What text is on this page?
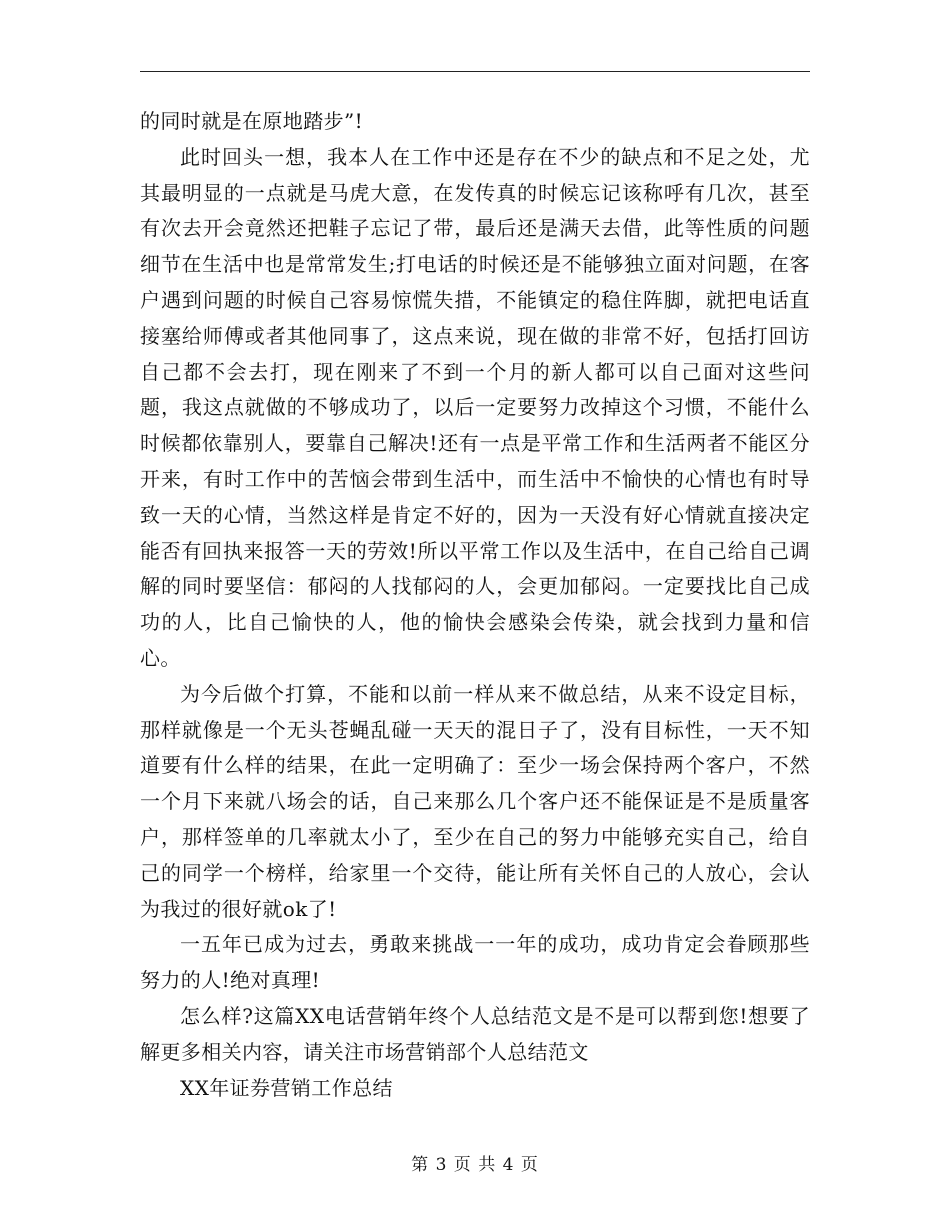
的同时就是在原地踏步”!

此时回头一想，我本人在工作中还是存在不少的缺点和不足之处，尤其最明显的一点就是马虎大意，在发传真的时候忘记该称呼有几次，甚至有次去开会竟然还把鞋子忘记了带，最后还是满天去借，此等性质的问题细节在生活中也是常常发生;打电话的时候还是不能够独立面对问题，在客户遇到问题的时候自己容易惊慌失措，不能镇定的稳住阵脚，就把电话直接塞给师傅或者其他同事了，这点来说，现在做的非常不好，包括打回访自己都不会去打，现在刚来了不到一个月的新人都可以自己面对这些问题，我这点就做的不够成功了，以后一定要努力改掉这个习惯，不能什么时候都依靠别人，要靠自己解决!还有一点是平常工作和生活两者不能区分开来，有时工作中的苦恼会带到生活中，而生活中不愉快的心情也有时导致一天的心情，当然这样是肯定不好的，因为一天没有好心情就直接决定能否有回执来报答一天的劳效!所以平常工作以及生活中，在自己给自己调解的同时要坚信：郁闷的人找郁闷的人，会更加郁闷。一定要找比自己成功的人，比自己愉快的人，他的愉快会感染会传染，就会找到力量和信心。

为今后做个打算，不能和以前一样从来不做总结，从来不设定目标，那样就像是一个无头苍蝇乱碰一天天的混日子了，没有目标性，一天不知道要有什么样的结果，在此一定明确了：至少一场会保持两个客户，不然一个月下来就八场会的话，自己来那么几个客户还不能保证是不是质量客户，那样签单的几率就太小了，至少在自己的努力中能够充实自己，给自己的同学一个榜样，给家里一个交待，能让所有关怀自己的人放心，会认为我过的很好就ok了!

一五年已成为过去，勇敢来挑战一一年的成功，成功肯定会眷顾那些努力的人!绝对真理!

怎么样?这篇XX电话营销年终个人总结范文是不是可以帮到您!想要了解更多相关内容，请关注市场营销部个人总结范文

XX年证券营销工作总结

第 3 页 共 4 页
